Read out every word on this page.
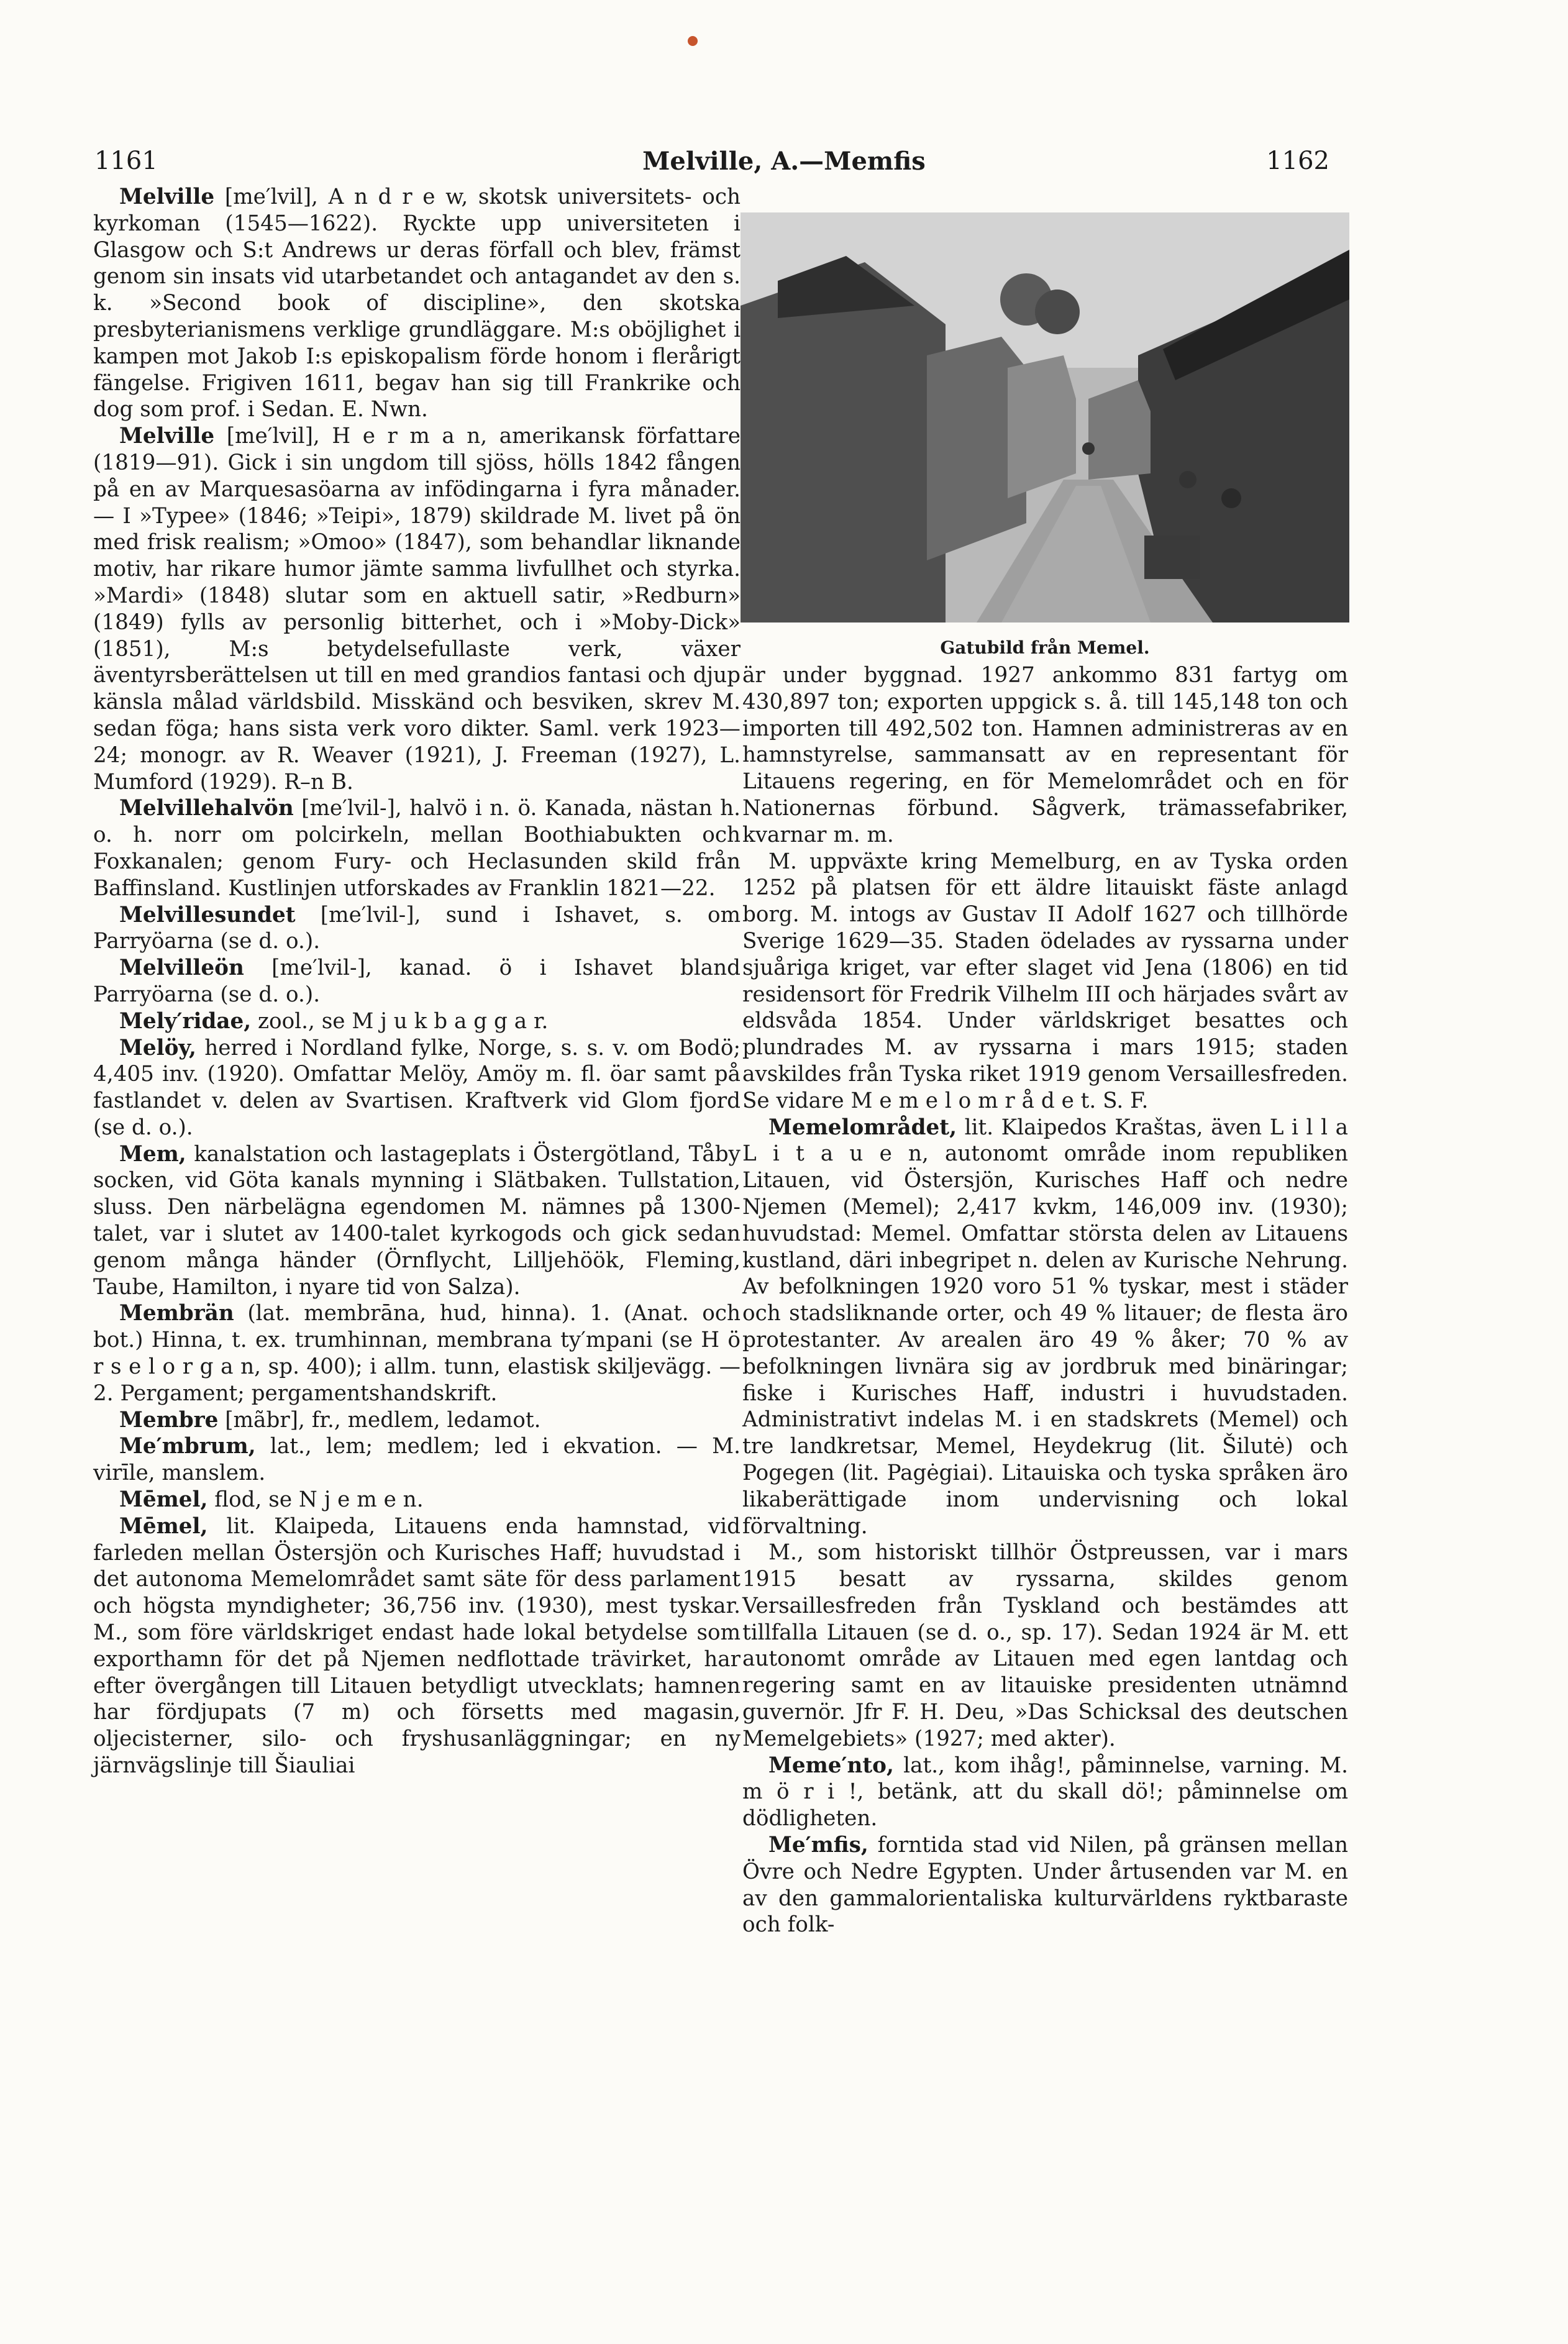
1161	Melville, A.—Memfis	1162

Melville [me′lvil], A n d r e w, skotsk universitets- och kyrkoman (1545—1622). Ryckte upp universiteten i Glasgow och S:t Andrews ur deras förfall och blev, främst genom sin insats vid utarbetandet och antagandet av den s. k. »Second book of discipline», den skotska presbyterianismens verklige grundläggare. M:s oböjlighet i kampen mot Jakob I:s episkopalism förde honom i flerårigt fängelse. Frigiven 1611, begav han sig till Frankrike och dog som prof. i Sedan. E. Nwn.

Melville [me′lvil], H e r m a n, amerikansk författare (1819—91). Gick i sin ungdom till sjöss, hölls 1842 fången på en av Marquesasöarna av infödingarna i fyra månader. — I »Typee» (1846; »Teipi», 1879) skildrade M. livet på ön med frisk realism; »Omoo» (1847), som behandlar liknande motiv, har rikare humor jämte samma livfullhet och styrka. »Mardi» (1848) slutar som en aktuell satir, »Redburn» (1849) fylls av personlig bitterhet, och i »Moby-Dick» (1851), M:s betydelsefullaste verk, växer äventyrsberättelsen ut till en med grandios fantasi och djup känsla målad världsbild. Misskänd och besviken, skrev M. sedan föga; hans sista verk voro dikter. Saml. verk 1923—24; monogr. av R. Weaver (1921), J. Freeman (1927), L. Mumford (1929). R–n B.

Melvillehalvön [me′lvil-], halvö i n. ö. Kanada, nästan h. o. h. norr om polcirkeln, mellan Boothiabukten och Foxkanalen; genom Fury- och Heclasunden skild från Baffinsland. Kustlinjen utforskades av Franklin 1821—22.

Melvillesundet [me′lvil-], sund i Ishavet, s. om Parryöarna (se d. o.).

Melvilleön [me′lvil-], kanad. ö i Ishavet bland Parryöarna (se d. o.).

Mely′ridae, zool., se M j u k b a g g a r.

Melöy, herred i Nordland fylke, Norge, s. s. v. om Bodö; 4,405 inv. (1920). Omfattar Melöy, Amöy m. fl. öar samt på fastlandet v. delen av Svartisen. Kraftverk vid Glom fjord (se d. o.).

Mem, kanalstation och lastageplats i Östergötland, Tåby socken, vid Göta kanals mynning i Slätbaken. Tullstation, sluss. Den närbelägna egendomen M. nämnes på 1300-talet, var i slutet av 1400-talet kyrkogods och gick sedan genom många händer (Örnflycht, Lilljehöök, Fleming, Taube, Hamilton, i nyare tid von Salza).

Membrän (lat. membrāna, hud, hinna). 1. (Anat. och bot.) Hinna, t. ex. trumhinnan, membrana ty′mpani (se H ö r s e l o r g a n, sp. 400); i allm. tunn, elastisk skiljevägg. — 2. Pergament; pergamentshandskrift.

Membre [mãbr], fr., medlem, ledamot.

Me′mbrum, lat., lem; medlem; led i ekvation. — M. virīle, manslem.

Mēmel, flod, se N j e m e n.

Mēmel, lit. Klaipeda, Litauens enda hamnstad, vid farleden mellan Östersjön och Kurisches Haff; huvudstad i det autonoma Memelområdet samt säte för dess parlament och högsta myndigheter; 36,756 inv. (1930), mest tyskar. M., som före världskriget endast hade lokal betydelse som exporthamn för det på Njemen nedflottade trävirket, har efter övergången till Litauen betydligt utvecklats; hamnen har fördjupats (7 m) och försetts med magasin, oljecisterner, silo- och fryshusanläggningar; en ny järnvägslinje till Šiauliai

Gatubild från Memel.

är under byggnad. 1927 ankommo 831 fartyg om 430,897 ton; exporten uppgick s. å. till 145,148 ton och importen till 492,502 ton. Hamnen administreras av en hamnstyrelse, sammansatt av en representant för Litauens regering, en för Memelområdet och en för Nationernas förbund. Sågverk, trämassefabriker, kvarnar m. m.

M. uppväxte kring Memelburg, en av Tyska orden 1252 på platsen för ett äldre litauiskt fäste anlagd borg. M. intogs av Gustav II Adolf 1627 och tillhörde Sverige 1629—35. Staden ödelades av ryssarna under sjuåriga kriget, var efter slaget vid Jena (1806) en tid residensort för Fredrik Vilhelm III och härjades svårt av eldsvåda 1854. Under världskriget besattes och plundrades M. av ryssarna i mars 1915; staden avskildes från Tyska riket 1919 genom Versaillesfreden. Se vidare M e m e l o m r å d e t. S. F.

Memelområdet, lit. Klaipedos Kraštas, även L i l l a L i t a u e n, autonomt område inom republiken Litauen, vid Östersjön, Kurisches Haff och nedre Njemen (Memel); 2,417 kvkm, 146,009 inv. (1930); huvudstad: Memel. Omfattar största delen av Litauens kustland, däri inbegripet n. delen av Kurische Nehrung. Av befolkningen 1920 voro 51 % tyskar, mest i städer och stadsliknande orter, och 49 % litauer; de flesta äro protestanter. Av arealen äro 49 % åker; 70 % av befolkningen livnära sig av jordbruk med binäringar; fiske i Kurisches Haff, industri i huvudstaden. Administrativt indelas M. i en stadskrets (Memel) och tre landkretsar, Memel, Heydekrug (lit. Šilutė) och Pogegen (lit. Pagėgiai). Litauiska och tyska språken äro likaberättigade inom undervisning och lokal förvaltning.

M., som historiskt tillhör Östpreussen, var i mars 1915 besatt av ryssarna, skildes genom Versaillesfreden från Tyskland och bestämdes att tillfalla Litauen (se d. o., sp. 17). Sedan 1924 är M. ett autonomt område av Litauen med egen lantdag och regering samt en av litauiske presidenten utnämnd guvernör. Jfr F. H. Deu, »Das Schicksal des deutschen Memelgebiets» (1927; med akter).

Meme′nto, lat., kom ihåg!, påminnelse, varning. M. m ö r i !, betänk, att du skall dö!; påminnelse om dödligheten.

Me′mfis, forntida stad vid Nilen, på gränsen mellan Övre och Nedre Egypten. Under årtusenden var M. en av den gammalorientaliska kulturvärldens ryktbaraste och folk-
